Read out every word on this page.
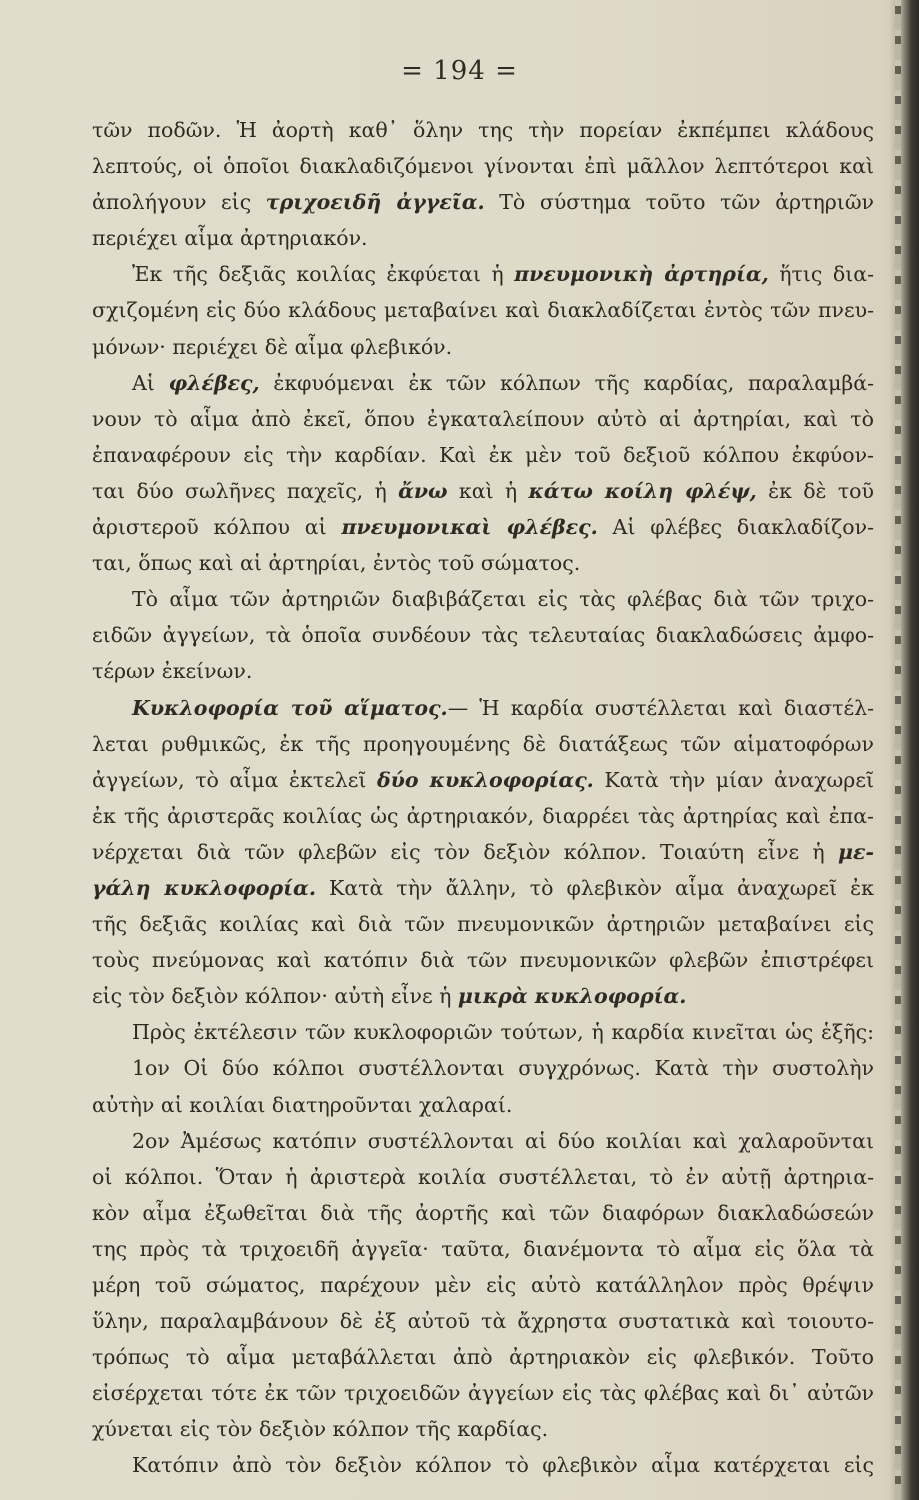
= 194 =
τῶν ποδῶν. Ἡ ἀορτὴ καθ᾽ ὅλην της τὴν πορείαν ἐκπέμπει κλάδους
λεπτούς, οἱ ὁποῖοι διακλαδιζόμενοι γίνονται ἐπὶ μᾶλλον λεπτότεροι καὶ
ἀπολήγουν εἰς τριχοειδῆ ἀγγεῖα. Τὸ σύστημα τοῦτο τῶν ἀρτηριῶν
περιέχει αἷμα ἀρτηριακόν.
Ἐκ τῆς δεξιᾶς κοιλίας ἐκφύεται ἡ πνευμονικὴ ἀρτηρία, ἥτις δια-
σχιζομένη εἰς δύο κλάδους μεταβαίνει καὶ διακλαδίζεται ἐντὸς τῶν πνευ-
μόνων· περιέχει δὲ αἷμα φλεβικόν.
Αἱ φλέβες, ἐκφυόμεναι ἐκ τῶν κόλπων τῆς καρδίας, παραλαμβά-
νουν τὸ αἷμα ἀπὸ ἐκεῖ, ὅπου ἐγκαταλείπουν αὐτὸ αἱ ἀρτηρίαι, καὶ τὸ
ἐπαναφέρουν εἰς τὴν καρδίαν. Καὶ ἐκ μὲν τοῦ δεξιοῦ κόλπου ἐκφύον-
ται δύο σωλῆνες παχεῖς, ἡ ἄνω καὶ ἡ κάτω κοίλη φλέψ, ἐκ δὲ τοῦ
ἀριστεροῦ κόλπου αἱ πνευμονικαὶ φλέβες. Αἱ φλέβες διακλαδίζον-
ται, ὅπως καὶ αἱ ἀρτηρίαι, ἐντὸς τοῦ σώματος.
Τὸ αἷμα τῶν ἀρτηριῶν διαβιβάζεται εἰς τὰς φλέβας διὰ τῶν τριχο-
ειδῶν ἀγγείων, τὰ ὁποῖα συνδέουν τὰς τελευταίας διακλαδώσεις ἀμφο-
τέρων ἐκείνων.
Κυκλοφορία τοῦ αἵματος.— Ἡ καρδία συστέλλεται καὶ διαστέλ-
λεται ρυθμικῶς, ἐκ τῆς προηγουμένης δὲ διατάξεως τῶν αἱματοφόρων
ἀγγείων, τὸ αἷμα ἐκτελεῖ δύο κυκλοφορίας. Κατὰ τὴν μίαν ἀναχωρεῖ
ἐκ τῆς ἀριστερᾶς κοιλίας ὡς ἀρτηριακόν, διαρρέει τὰς ἀρτηρίας καὶ ἐπα-
νέρχεται διὰ τῶν φλεβῶν εἰς τὸν δεξιὸν κόλπον. Τοιαύτη εἶνε ἡ με-
γάλη κυκλοφορία. Κατὰ τὴν ἄλλην, τὸ φλεβικὸν αἷμα ἀναχωρεῖ ἐκ
τῆς δεξιᾶς κοιλίας καὶ διὰ τῶν πνευμονικῶν ἀρτηριῶν μεταβαίνει εἰς
τοὺς πνεύμονας καὶ κατόπιν διὰ τῶν πνευμονικῶν φλεβῶν ἐπιστρέφει
εἰς τὸν δεξιὸν κόλπον· αὐτὴ εἶνε ἡ μικρὰ κυκλοφορία.
Πρὸς ἐκτέλεσιν τῶν κυκλοφοριῶν τούτων, ἡ καρδία κινεῖται ὡς ἑξῆς:
1ον Οἱ δύο κόλποι συστέλλονται συγχρόνως. Κατὰ τὴν συστολὴν
αὐτὴν αἱ κοιλίαι διατηροῦνται χαλαραί.
2ον Ἀμέσως κατόπιν συστέλλονται αἱ δύο κοιλίαι καὶ χαλαροῦνται
οἱ κόλποι. Ὅταν ἡ ἀριστερὰ κοιλία συστέλλεται, τὸ ἐν αὐτῇ ἀρτηρια-
κὸν αἷμα ἐξωθεῖται διὰ τῆς ἀορτῆς καὶ τῶν διαφόρων διακλαδώσεών
της πρὸς τὰ τριχοειδῆ ἀγγεῖα· ταῦτα, διανέμοντα τὸ αἷμα εἰς ὅλα τὰ
μέρη τοῦ σώματος, παρέχουν μὲν εἰς αὐτὸ κατάλληλον πρὸς θρέψιν
ὕλην, παραλαμβάνουν δὲ ἐξ αὐτοῦ τὰ ἄχρηστα συστατικὰ καὶ τοιουτο-
τρόπως τὸ αἷμα μεταβάλλεται ἀπὸ ἀρτηριακὸν εἰς φλεβικόν. Τοῦτο
εἰσέρχεται τότε ἐκ τῶν τριχοειδῶν ἀγγείων εἰς τὰς φλέβας καὶ δι᾽ αὐτῶν
χύνεται εἰς τὸν δεξιὸν κόλπον τῆς καρδίας.
Κατόπιν ἀπὸ τὸν δεξιὸν κόλπον τὸ φλεβικὸν αἷμα κατέρχεται εἰς
